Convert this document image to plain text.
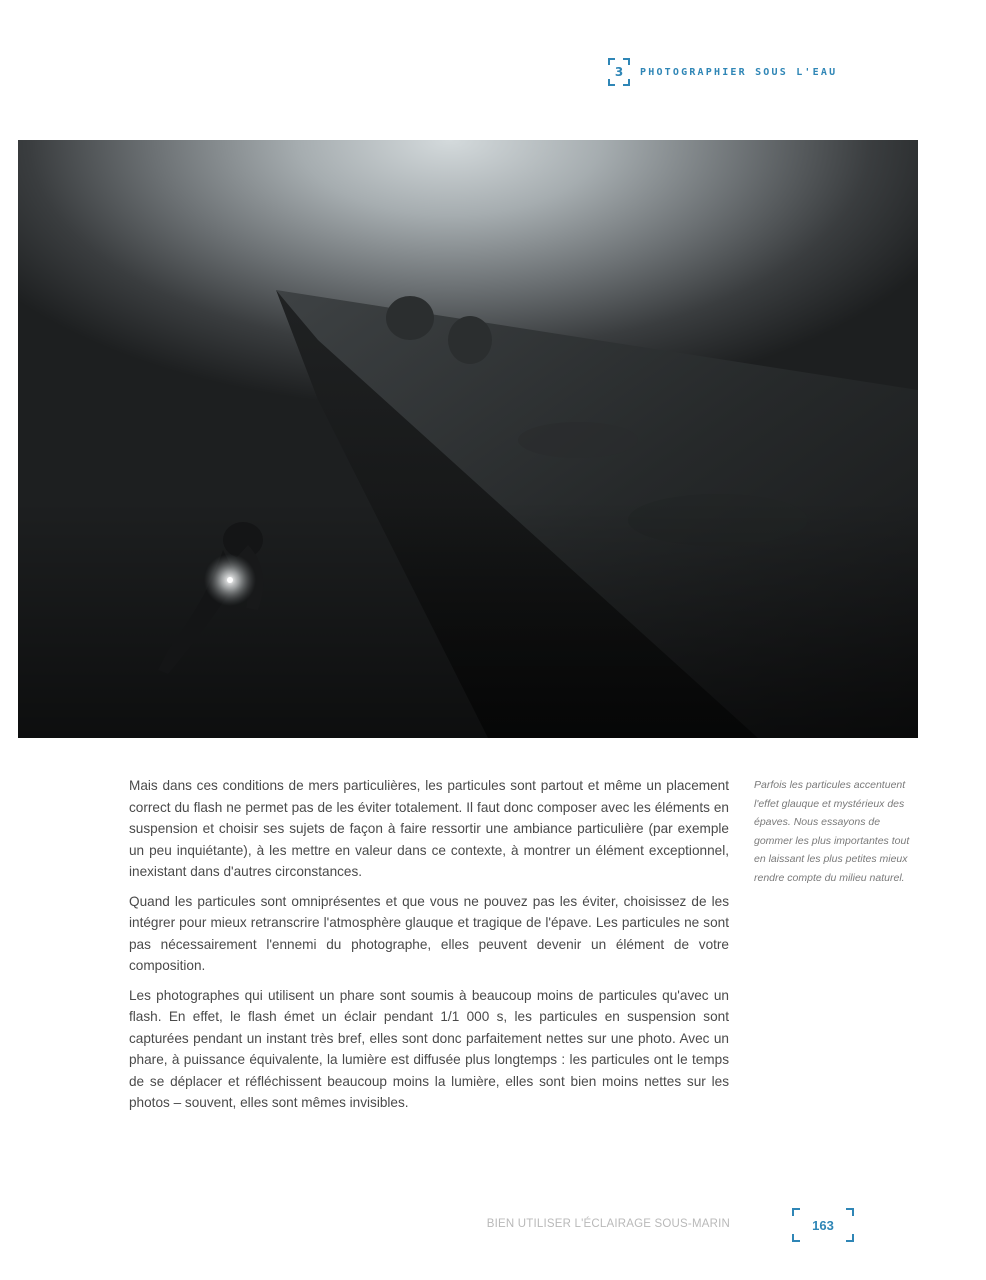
3 PHOTOGRAPHIER SOUS L'EAU

Mais dans ces conditions de mers particulières, les particules sont partout et même un placement correct du flash ne permet pas de les éviter totalement. Il faut donc composer avec les éléments en suspension et choisir ses sujets de façon à faire ressortir une ambiance particulière (par exemple un peu inquiétante), à les mettre en valeur dans ce contexte, à montrer un élément exceptionnel, inexistant dans d'autres circonstances.

Quand les particules sont omniprésentes et que vous ne pouvez pas les éviter, choisissez de les intégrer pour mieux retranscrire l'atmosphère glauque et tragique de l'épave. Les particules ne sont pas nécessairement l'ennemi du photographe, elles peuvent devenir un élément de votre composition.

Les photographes qui utilisent un phare sont soumis à beaucoup moins de particules qu'avec un flash. En effet, le flash émet un éclair pendant 1/1 000 s, les particules en suspension sont capturées pendant un instant très bref, elles sont donc parfaitement nettes sur une photo. Avec un phare, à puissance équivalente, la lumière est diffusée plus longtemps : les particules ont le temps de se déplacer et réfléchissent beaucoup moins la lumière, elles sont bien moins nettes sur les photos – souvent, elles sont mêmes invisibles.

Parfois les particules accentuent l'effet glauque et mystérieux des épaves. Nous essayons de gommer les plus importantes tout en laissant les plus petites mieux rendre compte du milieu naturel.
BIEN UTILISER L'ÉCLAIRAGE SOUS-MARIN	163
